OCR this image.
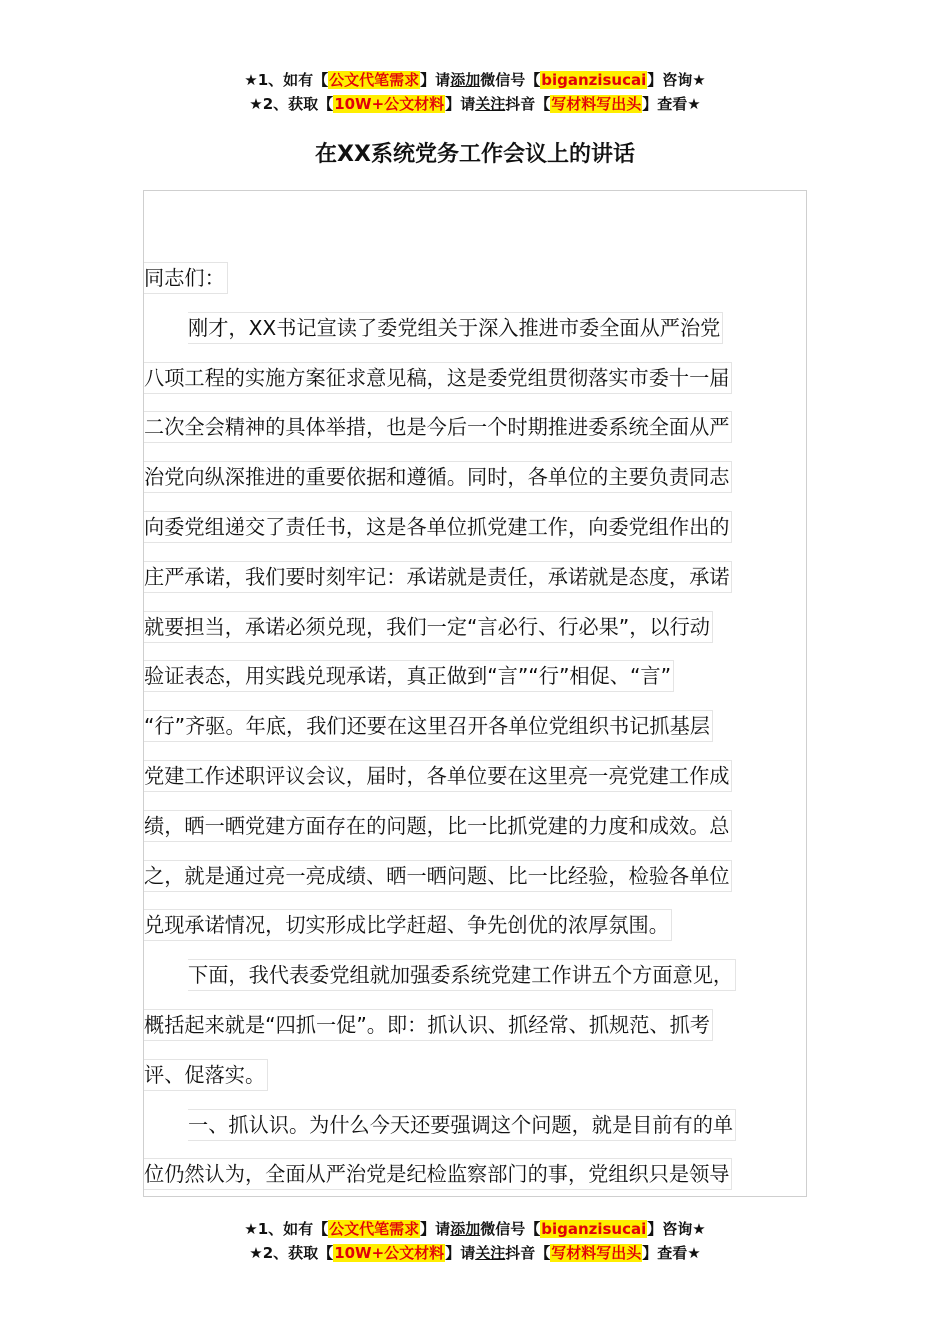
★1、如有【公文代笔需求】请添加微信号【biganzisucai】咨询★
★2、获取【10W+公文材料】请关注抖音【写材料写出头】查看★
在XX系统党务工作会议上的讲话
同志们：
刚才，XX书记宣读了委党组关于深入推进市委全面从严治党
八项工程的实施方案征求意见稿，这是委党组贯彻落实市委十一届
二次全会精神的具体举措，也是今后一个时期推进委系统全面从严
治党向纵深推进的重要依据和遵循。同时，各单位的主要负责同志
向委党组递交了责任书，这是各单位抓党建工作，向委党组作出的
庄严承诺，我们要时刻牢记：承诺就是责任，承诺就是态度，承诺
就要担当，承诺必须兑现，我们一定“言必行、行必果”，以行动
验证表态，用实践兑现承诺，真正做到“言”“行”相促、“言”
“行”齐驱。年底，我们还要在这里召开各单位党组织书记抓基层
党建工作述职评议会议，届时，各单位要在这里亮一亮党建工作成
绩，晒一晒党建方面存在的问题，比一比抓党建的力度和成效。总
之，就是通过亮一亮成绩、晒一晒问题、比一比经验，检验各单位
兑现承诺情况，切实形成比学赶超、争先创优的浓厚氛围。
下面，我代表委党组就加强委系统党建工作讲五个方面意见，
概括起来就是“四抓一促”。即：抓认识、抓经常、抓规范、抓考
评、促落实。
一、抓认识。为什么今天还要强调这个问题，就是目前有的单
位仍然认为，全面从严治党是纪检监察部门的事，党组织只是领导
★1、如有【公文代笔需求】请添加微信号【biganzisucai】咨询★
★2、获取【10W+公文材料】请关注抖音【写材料写出头】查看★
